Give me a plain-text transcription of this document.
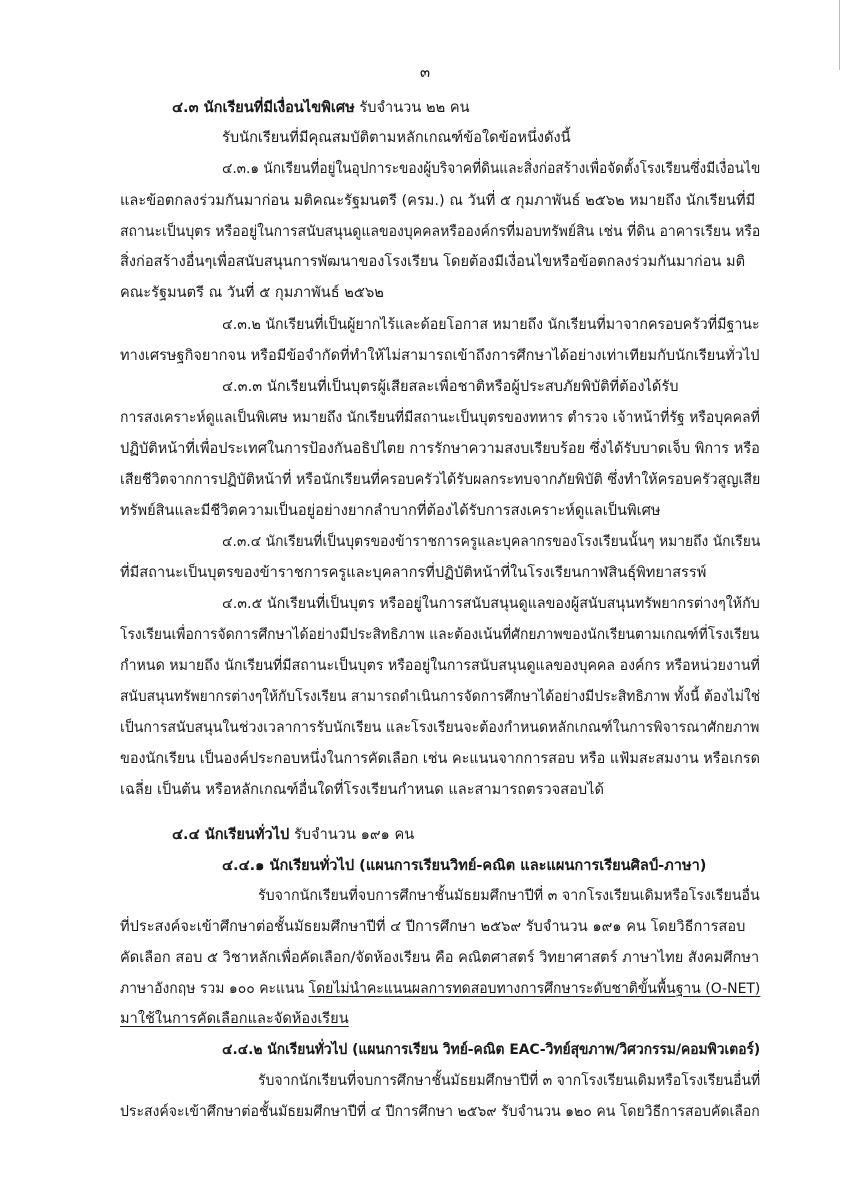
๓
๔.๓ นักเรียนที่มีเงื่อนไขพิเศษ รับจำนวน ๒๒ คน
รับนักเรียนที่มีคุณสมบัติตามหลักเกณฑ์ข้อใดข้อหนึ่งดังนี้
๔.๓.๑ นักเรียนที่อยู่ในอุปการะของผู้บริจาคที่ดินและสิ่งก่อสร้างเพื่อจัดตั้งโรงเรียนซึ่งมีเงื่อนไข
และข้อตกลงร่วมกันมาก่อน มติคณะรัฐมนตรี (ครม.) ณ วันที่ ๕ กุมภาพันธ์ ๒๕๖๒ หมายถึง นักเรียนที่มี
สถานะเป็นบุตร หรืออยู่ในการสนับสนุนดูแลของบุคคลหรือองค์กรที่มอบทรัพย์สิน เช่น ที่ดิน อาคารเรียน หรือ
สิ่งก่อสร้างอื่นๆเพื่อสนับสนุนการพัฒนาของโรงเรียน โดยต้องมีเงื่อนไขหรือข้อตกลงร่วมกันมาก่อน มติ
คณะรัฐมนตรี ณ วันที่ ๕ กุมภาพันธ์ ๒๕๖๒
๔.๓.๒ นักเรียนที่เป็นผู้ยากไร้และด้อยโอกาส หมายถึง นักเรียนที่มาจากครอบครัวที่มีฐานะ
ทางเศรษฐกิจยากจน หรือมีข้อจำกัดที่ทำให้ไม่สามารถเข้าถึงการศึกษาได้อย่างเท่าเทียมกับนักเรียนทั่วไป
๔.๓.๓ นักเรียนที่เป็นบุตรผู้เสียสละเพื่อชาติหรือผู้ประสบภัยพิบัติที่ต้องได้รับ
การสงเคราะห์ดูแลเป็นพิเศษ หมายถึง นักเรียนที่มีสถานะเป็นบุตรของทหาร ตำรวจ เจ้าหน้าที่รัฐ หรือบุคคลที่
ปฏิบัติหน้าที่เพื่อประเทศในการป้องกันอธิปไตย การรักษาความสงบเรียบร้อย ซึ่งได้รับบาดเจ็บ พิการ หรือ
เสียชีวิตจากการปฏิบัติหน้าที่ หรือนักเรียนที่ครอบครัวได้รับผลกระทบจากภัยพิบัติ ซึ่งทำให้ครอบครัวสูญเสีย
ทรัพย์สินและมีชีวิตความเป็นอยู่อย่างยากลำบากที่ต้องได้รับการสงเคราะห์ดูแลเป็นพิเศษ
๔.๓.๔ นักเรียนที่เป็นบุตรของข้าราชการครูและบุคลากรของโรงเรียนนั้นๆ หมายถึง นักเรียน
ที่มีสถานะเป็นบุตรของข้าราชการครูและบุคลากรที่ปฏิบัติหน้าที่ในโรงเรียนกาฬสินธุ์พิทยาสรรพ์
๔.๓.๕ นักเรียนที่เป็นบุตร หรืออยู่ในการสนับสนุนดูแลของผู้สนับสนุนทรัพยากรต่างๆให้กับ
โรงเรียนเพื่อการจัดการศึกษาได้อย่างมีประสิทธิภาพ และต้องเน้นที่ศักยภาพของนักเรียนตามเกณฑ์ที่โรงเรียน
กำหนด หมายถึง นักเรียนที่มีสถานะเป็นบุตร หรืออยู่ในการสนับสนุนดูแลของบุคคล องค์กร หรือหน่วยงานที่
สนับสนุนทรัพยากรต่างๆให้กับโรงเรียน สามารถดำเนินการจัดการศึกษาได้อย่างมีประสิทธิภาพ ทั้งนี้ ต้องไม่ใช่
เป็นการสนับสนุนในช่วงเวลาการรับนักเรียน และโรงเรียนจะต้องกำหนดหลักเกณฑ์ในการพิจารณาศักยภาพ
ของนักเรียน เป็นองค์ประกอบหนึ่งในการคัดเลือก เช่น คะแนนจากการสอบ หรือ แฟ้มสะสมงาน หรือเกรด
เฉลี่ย เป็นต้น หรือหลักเกณฑ์อื่นใดที่โรงเรียนกำหนด และสามารถตรวจสอบได้
๔.๔ นักเรียนทั่วไป รับจำนวน ๑๙๑ คน
๔.๔.๑ นักเรียนทั่วไป (แผนการเรียนวิทย์-คณิต และแผนการเรียนศิลป์-ภาษา)
รับจากนักเรียนที่จบการศึกษาชั้นมัธยมศึกษาปีที่ ๓ จากโรงเรียนเดิมหรือโรงเรียนอื่น
ที่ประสงค์จะเข้าศึกษาต่อชั้นมัธยมศึกษาปีที่ ๔ ปีการศึกษา ๒๕๖๙ รับจำนวน ๑๙๑ คน โดยวิธีการสอบ
คัดเลือก สอบ ๕ วิชาหลักเพื่อคัดเลือก/จัดห้องเรียน คือ คณิตศาสตร์ วิทยาศาสตร์ ภาษาไทย สังคมศึกษา
ภาษาอังกฤษ รวม ๑๐๐ คะแนน โดยไม่นำคะแนนผลการทดสอบทางการศึกษาระดับชาติขั้นพื้นฐาน (O-NET)
มาใช้ในการคัดเลือกและจัดห้องเรียน
๔.๔.๒ นักเรียนทั่วไป (แผนการเรียน วิทย์-คณิต EAC-วิทย์สุขภาพ/วิศวกรรม/คอมพิวเตอร์)
รับจากนักเรียนที่จบการศึกษาชั้นมัธยมศึกษาปีที่ ๓ จากโรงเรียนเดิมหรือโรงเรียนอื่นที่
ประสงค์จะเข้าศึกษาต่อชั้นมัธยมศึกษาปีที่ ๔ ปีการศึกษา ๒๕๖๙ รับจำนวน ๑๒๐ คน โดยวิธีการสอบคัดเลือก
